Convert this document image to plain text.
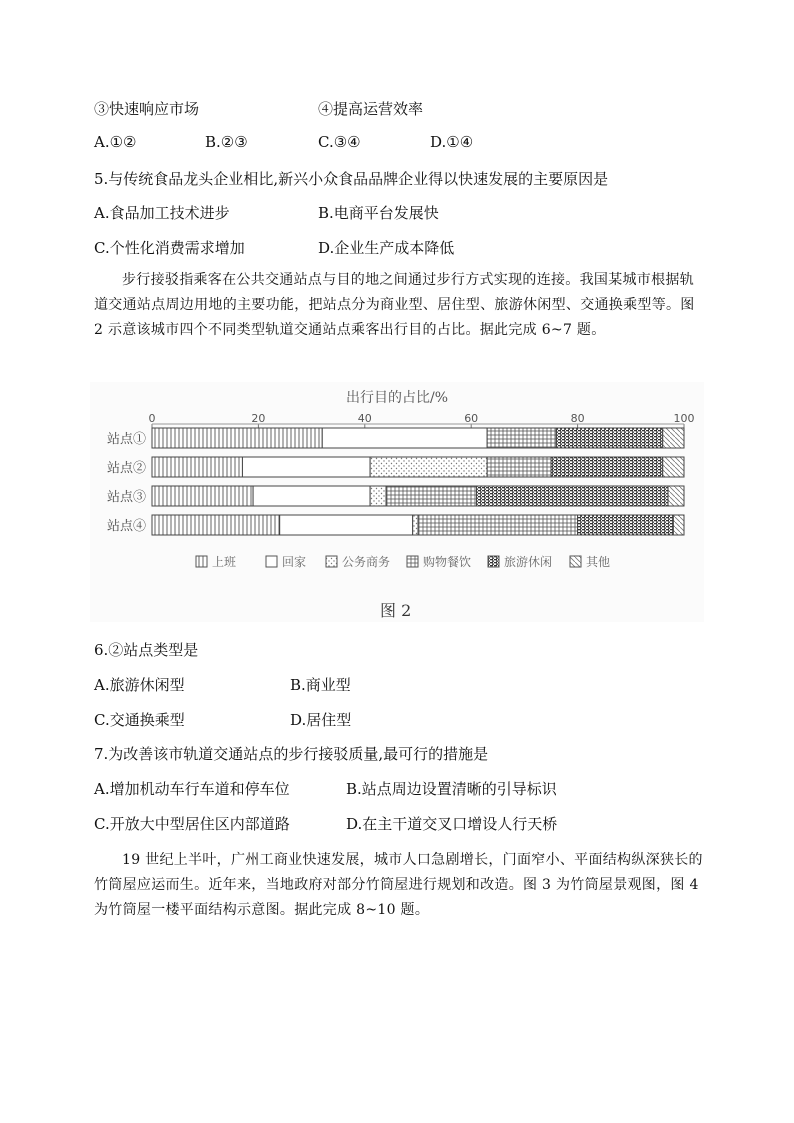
③快速响应市场	④提高运营效率
A.①②	B.②③	C.③④	D.①④
5.与传统食品龙头企业相比,新兴小众食品品牌企业得以快速发展的主要原因是
A.食品加工技术进步	B.电商平台发展快
C.个性化消费需求增加	D.企业生产成本降低
步行接驳指乘客在公共交通站点与目的地之间通过步行方式实现的连接。我国某城市根据轨道交通站点周边用地的主要功能，把站点分为商业型、居住型、旅游休闲型、交通换乘型等。图 2 示意该城市四个不同类型轨道交通站点乘客出行目的占比。据此完成 6~7 题。
出行目的占比/%
0	20	40	60	80	100
站点①
站点②
站点③
站点④
上班	回家	公务商务	购物餐饮	旅游休闲	其他
图 2
6.②站点类型是
A.旅游休闲型	B.商业型
C.交通换乘型	D.居住型
7.为改善该市轨道交通站点的步行接驳质量,最可行的措施是
A.增加机动车行车道和停车位	B.站点周边设置清晰的引导标识
C.开放大中型居住区内部道路	D.在主干道交叉口增设人行天桥
19 世纪上半叶，广州工商业快速发展，城市人口急剧增长，门面窄小、平面结构纵深狭长的竹筒屋应运而生。近年来，当地政府对部分竹筒屋进行规划和改造。图 3 为竹筒屋景观图，图 4 为竹筒屋一楼平面结构示意图。据此完成 8~10 题。
